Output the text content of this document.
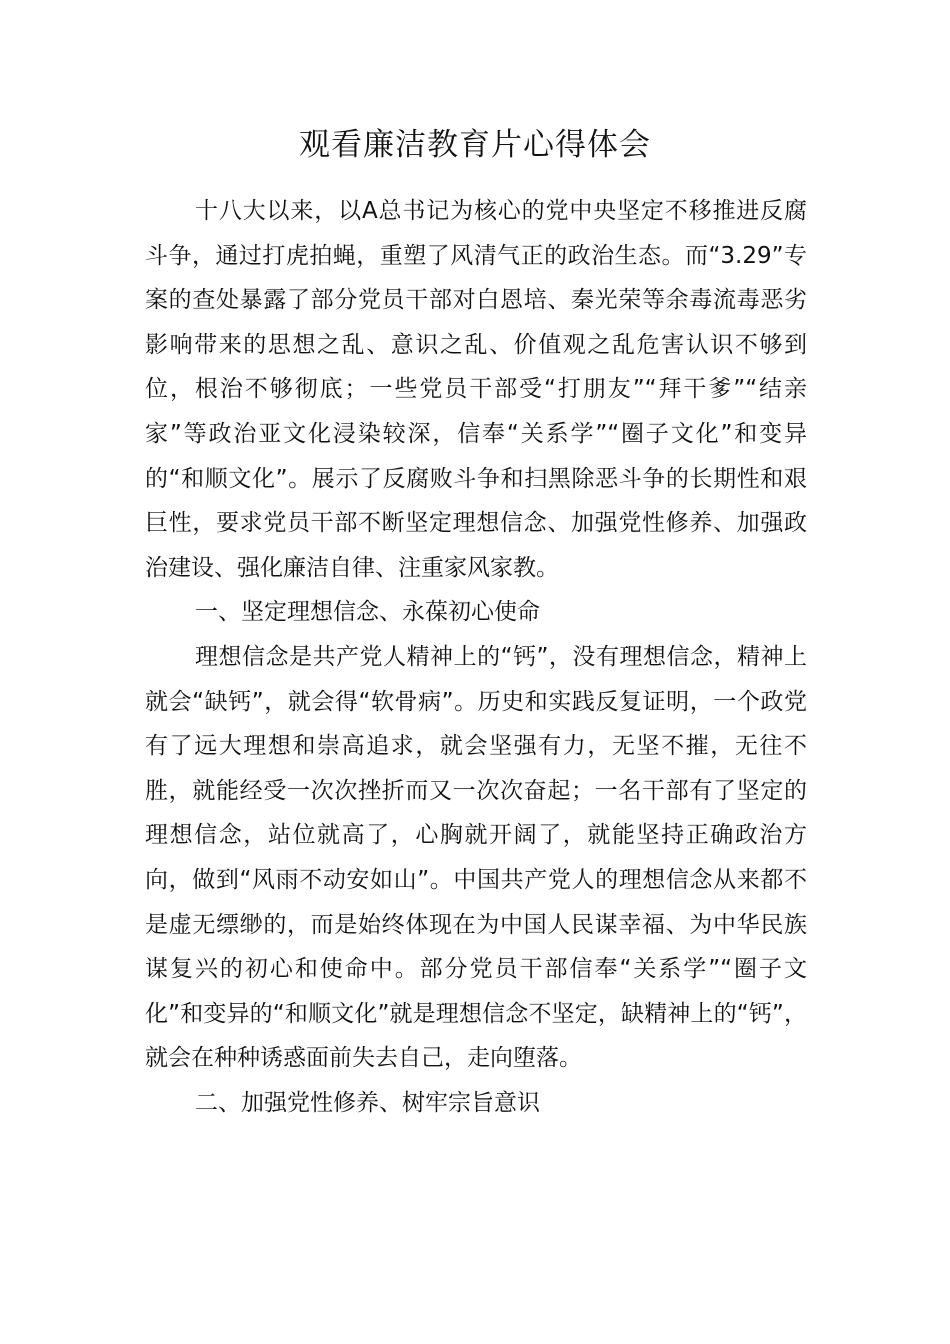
观看廉洁教育片心得体会

十八大以来，以A总书记为核心的党中央坚定不移推进反腐斗争，通过打虎拍蝇，重塑了风清气正的政治生态。而“3.29”专案的查处暴露了部分党员干部对白恩培、秦光荣等余毒流毒恶劣影响带来的思想之乱、意识之乱、价值观之乱危害认识不够到位，根治不够彻底；一些党员干部受“打朋友”“拜干爹”“结亲家”等政治亚文化浸染较深，信奉“关系学”“圈子文化”和变异的“和顺文化”。展示了反腐败斗争和扫黑除恶斗争的长期性和艰巨性，要求党员干部不断坚定理想信念、加强党性修养、加强政治建设、强化廉洁自律、注重家风家教。

一、坚定理想信念、永葆初心使命

理想信念是共产党人精神上的“钙”，没有理想信念，精神上就会“缺钙”，就会得“软骨病”。历史和实践反复证明，一个政党有了远大理想和崇高追求，就会坚强有力，无坚不摧，无往不胜，就能经受一次次挫折而又一次次奋起；一名干部有了坚定的理想信念，站位就高了，心胸就开阔了，就能坚持正确政治方向，做到“风雨不动安如山”。中国共产党人的理想信念从来都不是虚无缥缈的，而是始终体现在为中国人民谋幸福、为中华民族谋复兴的初心和使命中。部分党员干部信奉“关系学”“圈子文化”和变异的“和顺文化”就是理想信念不坚定，缺精神上的“钙”，就会在种种诱惑面前失去自己，走向堕落。

二、加强党性修养、树牢宗旨意识
